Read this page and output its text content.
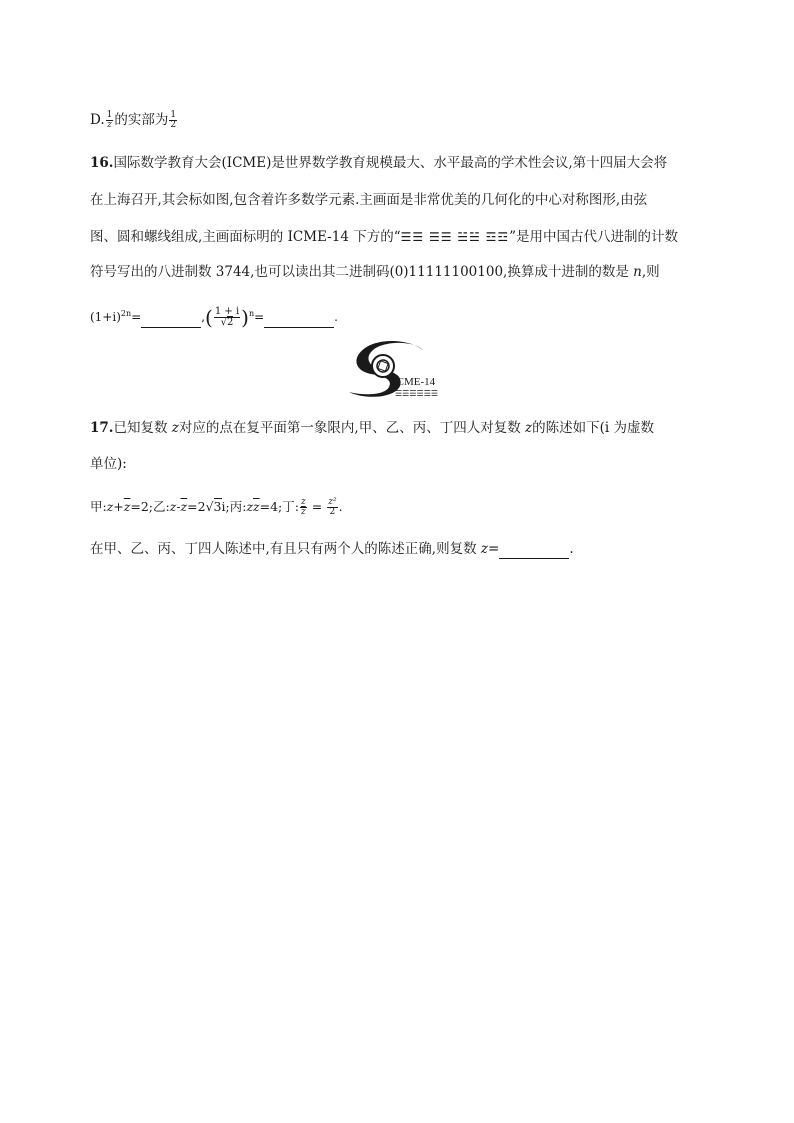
D. $\frac{1}{z}$ 的实部为 $\frac{1}{2}$
16.国际数学教育大会(ICME)是世界数学教育规模最大、水平最高的学术性会议,第十四届大会将
在上海召开,其会标如图,包含着许多数学元素.主画面是非常优美的几何化的中心对称图形,由弦
图、圆和螺线组成,主画面标明的 ICME-14 下方的“☰☰ ☰☰ ☱☱ ☲☲”是用中国古代八进制的计数
符号写出的八进制数 3744,也可以读出其二进制码(0)11111100100,换算成十进制的数是 n,则
$(1+i)^{2n}=$	,( $\frac{1 + i}{√2} )^n=$	.
ICME-14
☰☰☰☰☰☰
17.已知复数 z对应的点在复平面第一象限内,甲、乙、丙、丁四人对复数 z的陈述如下(i 为虚数
单位):
甲$:z+\overline{z}=2$;乙$:z-\overline{z}=2√3i$;丙$:z\overline{z}=4$;丁: $\frac{z}{z} = \frac{\text{z²}}{2}$ .
在甲、乙、丙、丁四人陈述中,有且只有两个人的陈述正确,则复数 z=	.
